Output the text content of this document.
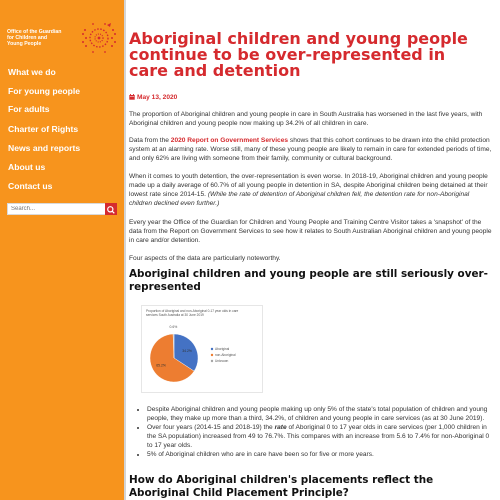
Office of the Guardian
for Children and
Young People
What we do
For young people
For adults
Charter of Rights
News and reports
About us
Contact us
Search...
Aboriginal children and young people continue to be over-represented in care and detention
May 13, 2020

The proportion of Aboriginal children and young people in care in South Australia has worsened in the last five years, with Aboriginal children and young people now making up 34.2% of all children in care.

Data from the 2020 Report on Government Services shows that this cohort continues to be drawn into the child protection system at an alarming rate. Worse still, many of these young people are likely to remain in care for extended periods of time, and only 62% are living with someone from their family, community or cultural background.

When it comes to youth detention, the over-representation is even worse. In 2018-19, Aboriginal children and young people made up a daily average of 60.7% of all young people in detention in SA, despite Aboriginal children being detained at their lowest rate since 2014-15. (While the rate of detention of Aboriginal children fell, the detention rate for non-Aboriginal children declined even further.)

Every year the Office of the Guardian for Children and Young People and Training Centre Visitor takes a 'snapshot' of the data from the Report on Government Services to see how it relates to South Australian Aboriginal children and young people in care and/or detention.

Four aspects of the data are particularly noteworthy.

Aboriginal children and young people are still seriously over-represented
Proportion of Aboriginal and non-Aboriginal 0-17 year olds in care
services South Australia at 30 June 2019
34.2%
65.2%
0.6%
Aboriginal
non-Aboriginal
Unknown
• Despite Aboriginal children and young people making up only 5% of the state's total population of children and young people, they make up more than a third, 34.2%, of children and young people in care services (as at 30 June 2019).
• Over four years (2014-15 and 2018-19) the rate of Aboriginal 0 to 17 year olds in care services (per 1,000 children in the SA population) increased from 49 to 76.7%. This compares with an increase from 5.6 to 7.4% for non-Aboriginal 0 to 17 year olds.
• 5% of Aboriginal children who are in care have been so for five or more years.
How do Aboriginal children's placements reflect the Aboriginal Child Placement Principle?
